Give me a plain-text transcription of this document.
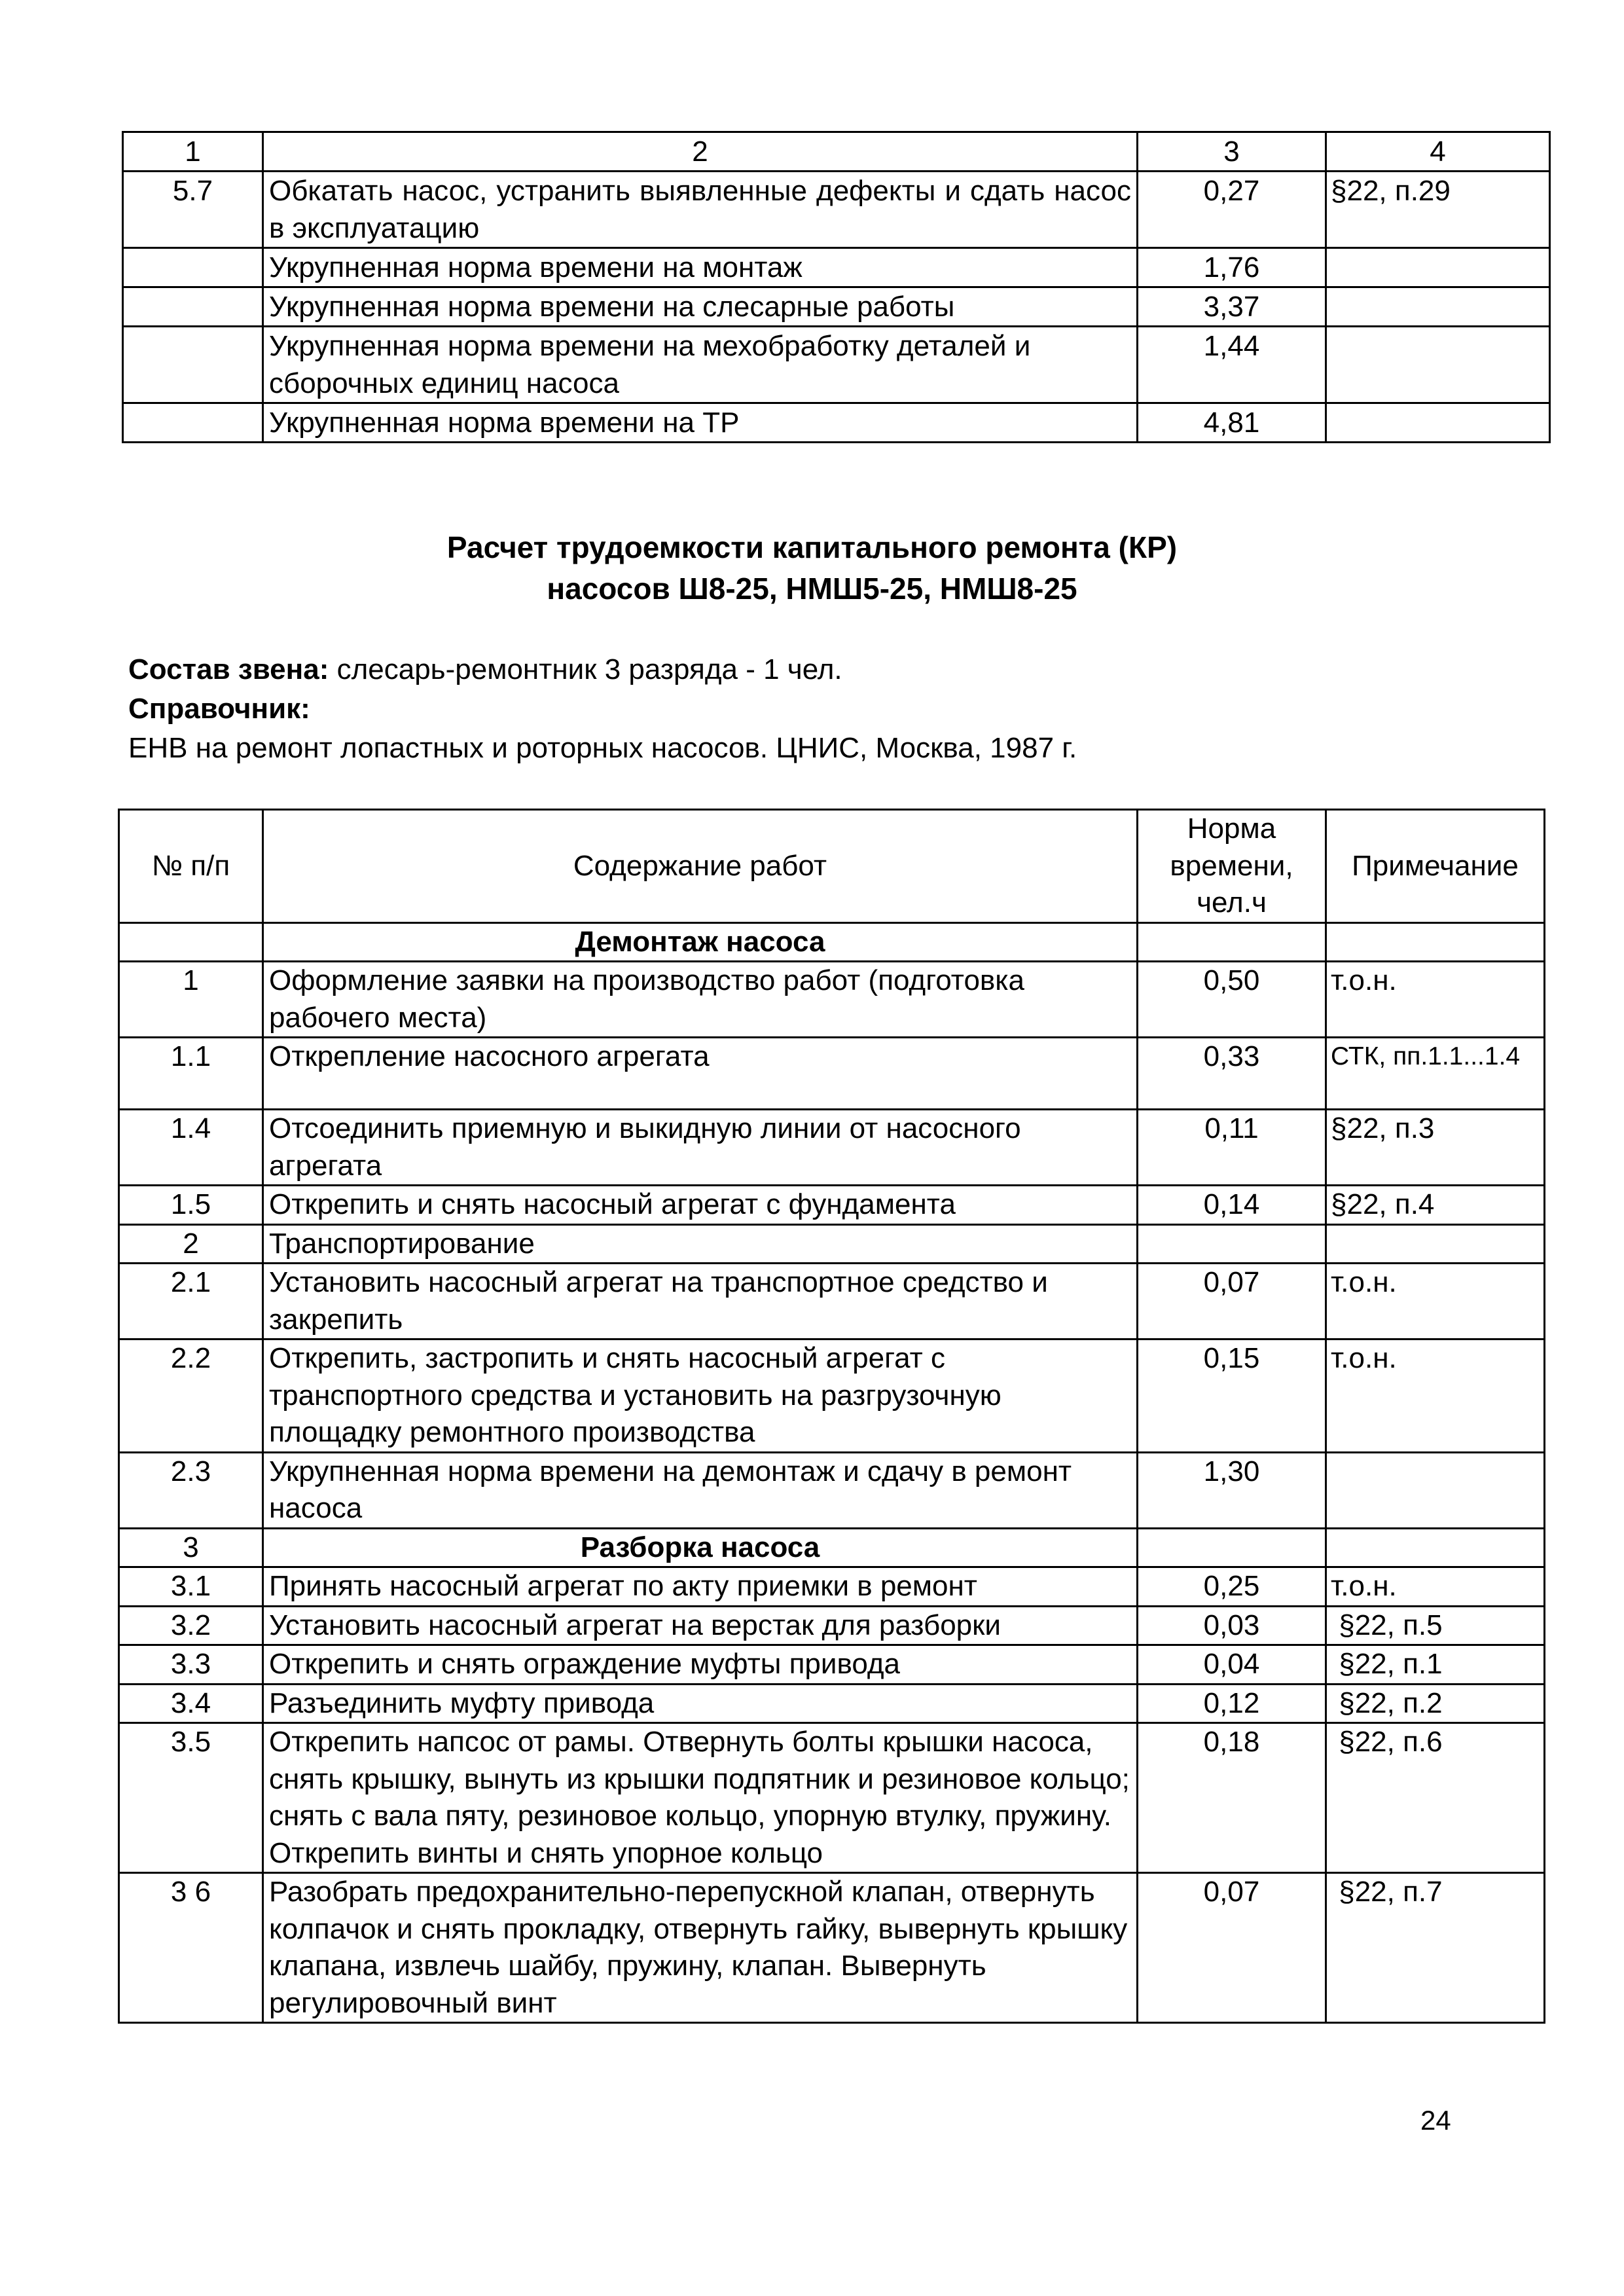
1	2	3	4
5.7	Обкатать насос, устранить выявленные дефекты и сдать насос в эксплуатацию	0,27	§22, п.29
	Укрупненная норма времени на монтаж	1,76	
	Укрупненная норма времени на слесарные работы	3,37	
	Укрупненная норма времени на мехобработку деталей и сборочных единиц насоса	1,44	
	Укрупненная норма времени на ТР	4,81	
Расчет трудоемкости капитального ремонта (КР)
насосов Ш8-25, НМШ5-25, НМШ8-25
Состав звена: слесарь-ремонтник 3 разряда - 1 чел.
Справочник:
ЕНВ на ремонт лопастных и роторных насосов. ЦНИС, Москва, 1987 г.
№ п/п	Содержание работ	Норма
времени,
чел.ч	Примечание
	Демонтаж насоса		
1	Оформление заявки на производство работ (подготовка рабочего места)	0,50	т.о.н.
1.1	Открепление насосного агрегата	0,33	СТК, пп.1.1...1.4
1.4	Отсоединить приемную и выкидную линии от насосного агрегата	0,11	§22, п.3
1.5	Открепить и снять насосный агрегат с фундамента	0,14	§22, п.4
2	Транспортирование		
2.1	Установить насосный агрегат на транспортное средство и закрепить	0,07	т.о.н.
2.2	Открепить, застропить и снять насосный агрегат с транспортного средства и установить на разгрузочную площадку ремонтного производства	0,15	т.о.н.
2.3	Укрупненная норма времени на демонтаж и сдачу в ремонт насоса	1,30	
3	Разборка насоса		
3.1	Принять насосный агрегат по акту приемки в ремонт	0,25	т.о.н.
3.2	Установить насосный агрегат на верстак для разборки	0,03	§22, п.5
3.3	Открепить и снять ограждение муфты привода	0,04	§22, п.1
3.4	Разъединить муфту привода	0,12	§22, п.2
3.5	Открепить напсос от рамы. Отвернуть болты крышки насоса, снять крышку, вынуть из крышки подпятник и резиновое кольцо; снять с вала пяту, резиновое кольцо, упорную втулку, пружину. Открепить винты и снять упорное кольцо	0,18	§22, п.6
3 6	Разобрать предохранительно-перепускной клапан, отвернуть колпачок и снять прокладку, отвернуть гайку, вывернуть крышку клапана, извлечь шайбу, пружину, клапан. Вывернуть регулировочный винт	0,07	§22, п.7
24
